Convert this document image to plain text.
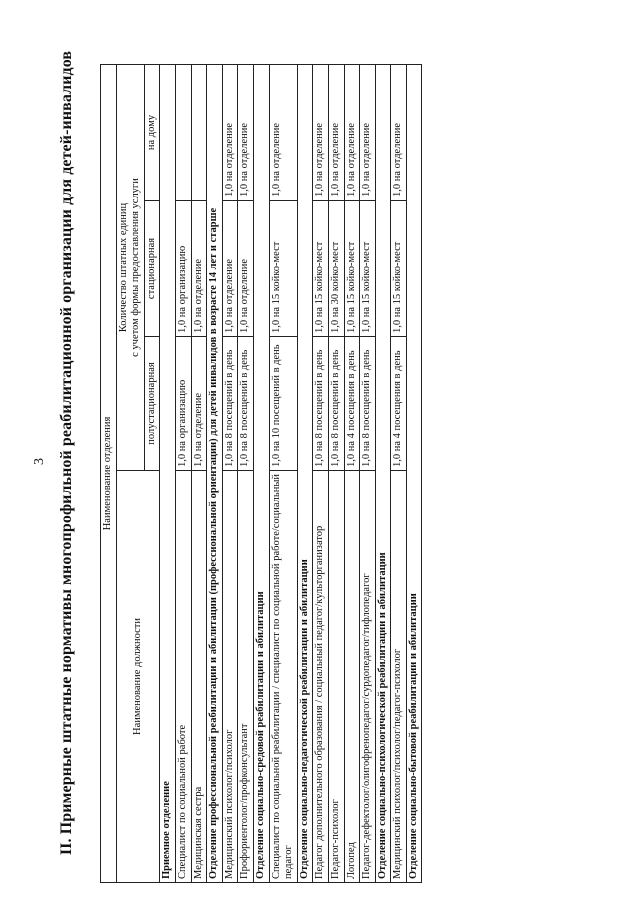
3 II. Примерные штатные нормативы многопрофильной реабилитационной организации для детей-инвалидов	Наименование отделения			
Наименование должности	Количество штатных единиц с учетом формы предоставления услуги		
	полустационарная	стационарная	на дому

Приемное отделение			
Специалист по социальной работе	1,0 на организацию	1,0 на организацию	
Медицинская сестра	1,0 на отделение	1,0 на отделение	
Отделение профессиональной реабилитации и абилитации (профессиональной ориентации) для детей инвалидов в возрасте 14 лет и старше			
Медицинский психолог/психолог	1,0 на 8 посещений в день	1,0 на отделение	1,0 на отделение
Профориентолог/профконсультант	1,0 на 8 посещений в день	1,0 на отделение	1,0 на отделение
Отделение социально-средовой реабилитации и абилитации			
Специалист по социальной реабилитации / специалист по социальной работе/социальный педагог	1,0 на 10 посещений в день	1,0 на 15 койко-мест	1,0 на отделение
Отделение социально-педагогической реабилитации и абилитации			
Педагог дополнительного образования / социальный педагог/культорганизатор	1,0 на 8 посещений в день	1,0 на 15 койко-мест	1,0 на отделение
Педагог-психолог	1,0 на 8 посещений в день	1,0 на 30 койко-мест	1,0 на отделение
Логопед	1,0 на 4 посещения в день	1,0 на 15 койко-мест	1,0 на отделение
Педагог-дефектолог/олигофренопедагог/сурдопедагог/тифлопедагог	1,0 на 8 посещений в день	1,0 на 15 койко-мест	1,0 на отделение
Отделение социально-психологической реабилитации и абилитации			
Медицинский психолог/психолог/педагог-психолог	1,0 на 4 посещения в день	1,0 на 15 койко-мест	1,0 на отделение
Отделение социально-бытовой реабилитации и абилитации			
